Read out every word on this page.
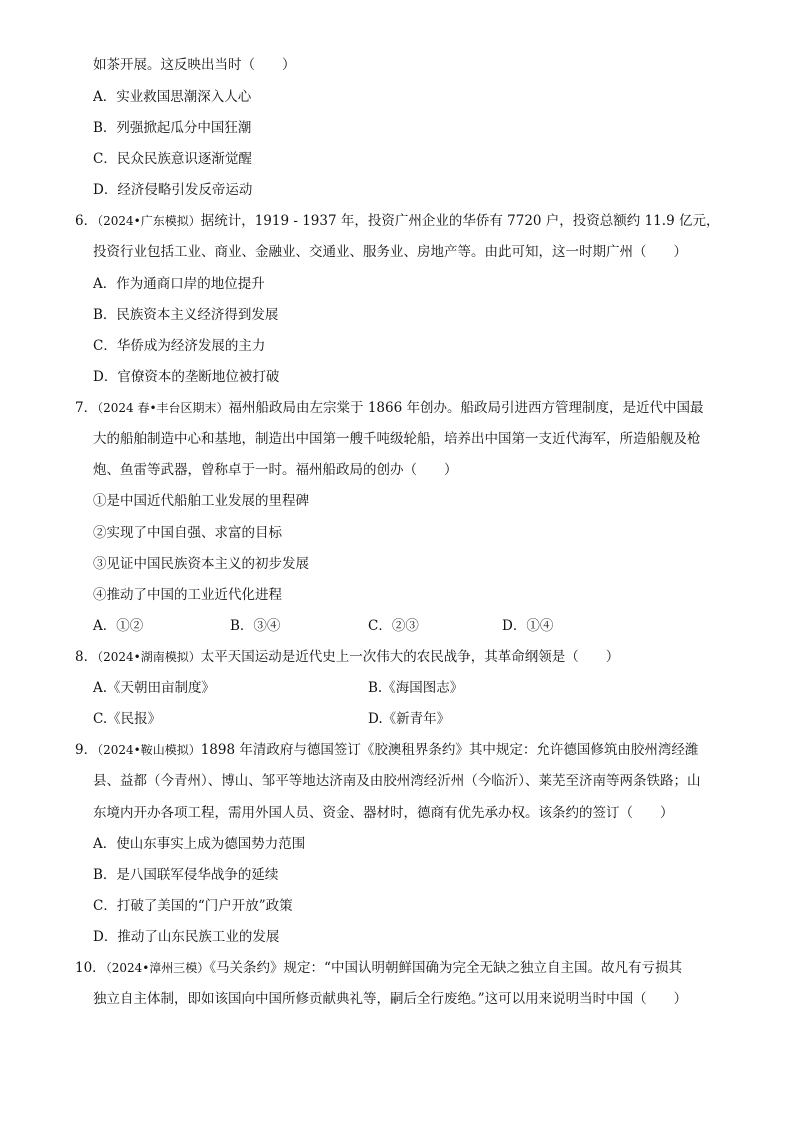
如茶开展。这反映出当时（　　）
A．实业救国思潮深入人心
B．列强掀起瓜分中国狂潮
C．民众民族意识逐渐觉醒
D．经济侵略引发反帝运动
6．（2024•广东模拟）据统计，1919 - 1937 年，投资广州企业的华侨有 7720 户，投资总额约 11.9 亿元，
投资行业包括工业、商业、金融业、交通业、服务业、房地产等。由此可知，这一时期广州（　　）
A．作为通商口岸的地位提升
B．民族资本主义经济得到发展
C．华侨成为经济发展的主力
D．官僚资本的垄断地位被打破
7．（2024 春•丰台区期末）福州船政局由左宗棠于 1866 年创办。船政局引进西方管理制度，是近代中国最
大的船舶制造中心和基地，制造出中国第一艘千吨级轮船，培养出中国第一支近代海军，所造船舰及枪
炮、鱼雷等武器，曾称卓于一时。福州船政局的创办（　　）
①是中国近代船舶工业发展的里程碑
②实现了中国自强、求富的目标
③见证中国民族资本主义的初步发展
④推动了中国的工业近代化进程
A．①②	B．③④	C．②③	D．①④
8．（2024•湖南模拟）太平天国运动是近代史上一次伟大的农民战争，其革命纲领是（　　）
A.《天朝田亩制度》	B.《海国图志》
C.《民报》	D.《新青年》
9．（2024•鞍山模拟）1898 年清政府与德国签订《胶澳租界条约》其中规定：允许德国修筑由胶州湾经潍
县、益都（今青州）、博山、邹平等地达济南及由胶州湾经沂州（今临沂）、莱芜至济南等两条铁路；山
东境内开办各项工程，需用外国人员、资金、器材时，德商有优先承办权。该条约的签订（　　）
A．使山东事实上成为德国势力范围
B．是八国联军侵华战争的延续
C．打破了美国的“门户开放”政策
D．推动了山东民族工业的发展
10．（2024•漳州三模）《马关条约》规定：“中国认明朝鲜国确为完全无缺之独立自主国。故凡有亏损其
独立自主体制，即如该国向中国所修贡献典礼等，嗣后全行废绝。”这可以用来说明当时中国（　　）
